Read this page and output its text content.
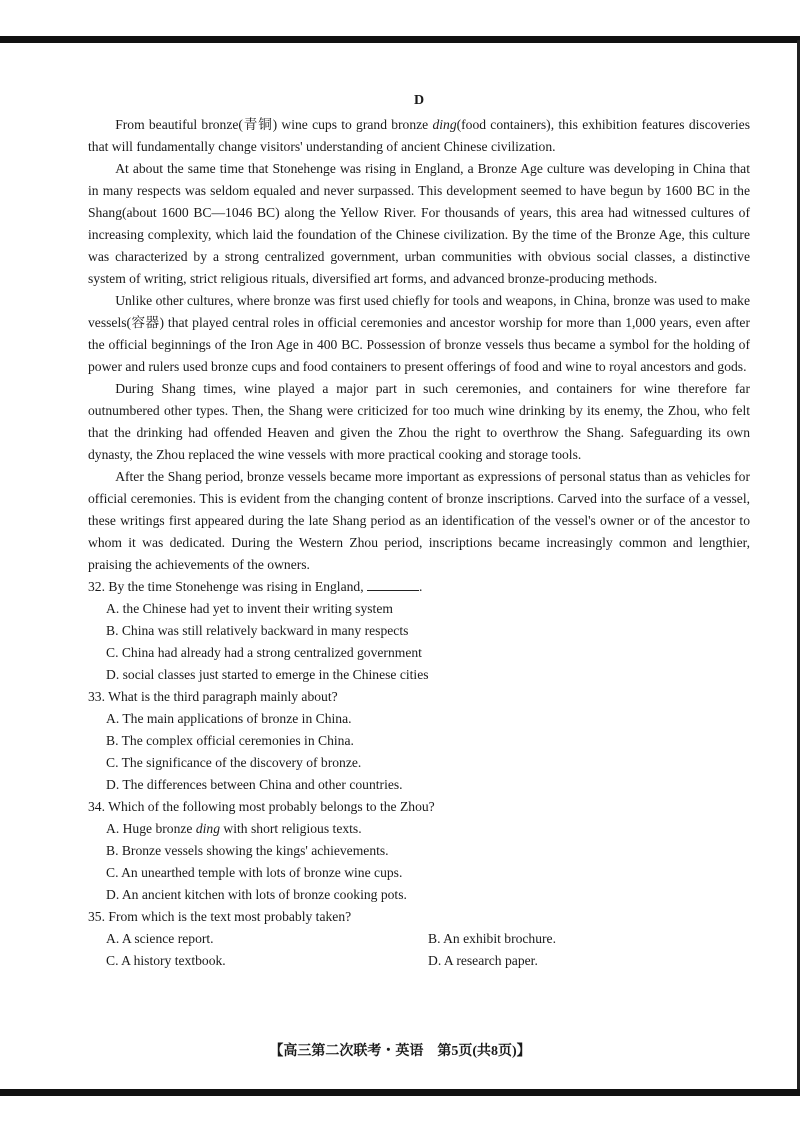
D

From beautiful bronze(青铜) wine cups to grand bronze ding(food containers), this exhibition features discoveries that will fundamentally change visitors' understanding of ancient Chinese civilization.

At about the same time that Stonehenge was rising in England, a Bronze Age culture was developing in China that in many respects was seldom equaled and never surpassed. This development seemed to have begun by 1600 BC in the Shang(about 1600 BC—1046 BC) along the Yellow River. For thousands of years, this area had witnessed cultures of increasing complexity, which laid the foundation of the Chinese civilization. By the time of the Bronze Age, this culture was characterized by a strong centralized government, urban communities with obvious social classes, a distinctive system of writing, strict religious rituals, diversified art forms, and advanced bronze-producing methods.

Unlike other cultures, where bronze was first used chiefly for tools and weapons, in China, bronze was used to make vessels(容器) that played central roles in official ceremonies and ancestor worship for more than 1,000 years, even after the official beginnings of the Iron Age in 400 BC. Possession of bronze vessels thus became a symbol for the holding of power and rulers used bronze cups and food containers to present offerings of food and wine to royal ancestors and gods.

During Shang times, wine played a major part in such ceremonies, and containers for wine therefore far outnumbered other types. Then, the Shang were criticized for too much wine drinking by its enemy, the Zhou, who felt that the drinking had offended Heaven and given the Zhou the right to overthrow the Shang. Safeguarding its own dynasty, the Zhou replaced the wine vessels with more practical cooking and storage tools.

After the Shang period, bronze vessels became more important as expressions of personal status than as vehicles for official ceremonies. This is evident from the changing content of bronze inscriptions. Carved into the surface of a vessel, these writings first appeared during the late Shang period as an identification of the vessel's owner or of the ancestor to whom it was dedicated. During the Western Zhou period, inscriptions became increasingly common and lengthier, praising the achievements of the owners.

32. By the time Stonehenge was rising in England,	.
A. the Chinese had yet to invent their writing system
B. China was still relatively backward in many respects
C. China had already had a strong centralized government
D. social classes just started to emerge in the Chinese cities
33. What is the third paragraph mainly about?
A. The main applications of bronze in China.
B. The complex official ceremonies in China.
C. The significance of the discovery of bronze.
D. The differences between China and other countries.
34. Which of the following most probably belongs to the Zhou?
A. Huge bronze ding with short religious texts.
B. Bronze vessels showing the kings' achievements.
C. An unearthed temple with lots of bronze wine cups.
D. An ancient kitchen with lots of bronze cooking pots.
35. From which is the text most probably taken?
A. A science report.	B. An exhibit brochure.
C. A history textbook.	D. A research paper.
【高三第二次联考・英语　第5页(共8页)】
